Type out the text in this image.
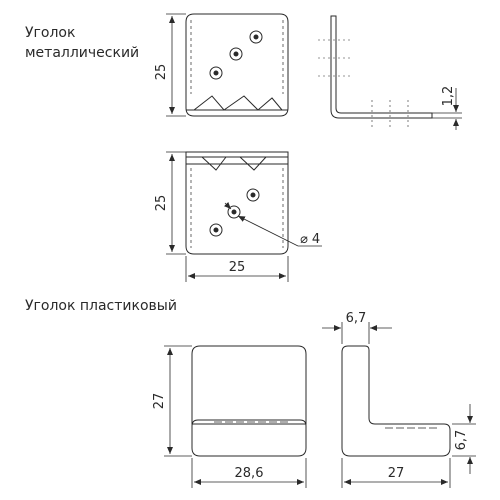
Уголок
металлический
Уголок пластиковый
25
1,2
25
25
⌀ 4
27
28,6
6,7
6,7
27
